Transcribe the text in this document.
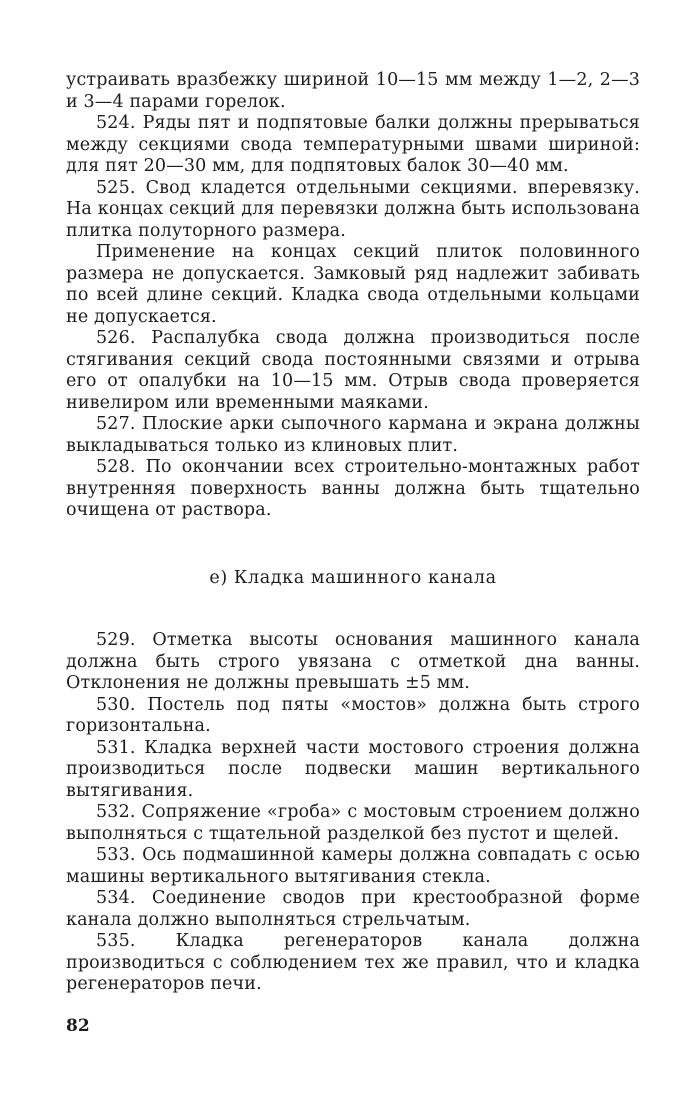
устраивать вразбежку шириной 10—15 мм между 1—2, 2—3 и 3—4 парами горелок.

524. Ряды пят и подпятовые балки должны прерываться между секциями свода температурными швами шириной: для пят 20—30 мм, для подпятовых балок 30—40 мм.

525. Свод кладется отдельными секциями. вперевязку. На концах секций для перевязки должна быть использована плитка полуторного размера.

Применение на концах секций плиток половинного размера не допускается. Замковый ряд надлежит забивать по всей длине секций. Кладка свода отдельными кольцами не допускается.

526. Распалубка свода должна производиться после стягивания секций свода постоянными связями и отрыва его от опалубки на 10—15 мм. Отрыв свода проверяется нивелиром или временными маяками.

527. Плоские арки сыпочного кармана и экрана должны выкладываться только из клиновых плит.

528. По окончании всех строительно-монтажных работ внутренняя поверхность ванны должна быть тщательно очищена от раствора.

е) Кладка машинного канала

529. Отметка высоты основания машинного канала должна быть строго увязана с отметкой дна ванны. Отклонения не должны превышать ±5 мм.

530. Постель под пяты «мостов» должна быть строго горизонтальна.

531. Кладка верхней части мостового строения должна производиться после подвески машин вертикального вытягивания.

532. Сопряжение «гроба» с мостовым строением должно выполняться с тщательной разделкой без пустот и щелей.

533. Ось подмашинной камеры должна совпадать с осью машины вертикального вытягивания стекла.

534. Соединение сводов при крестообразной форме канала должно выполняться стрельчатым.

535. Кладка регенераторов канала должна производиться с соблюдением тех же правил, что и кладка регенераторов печи.

82
